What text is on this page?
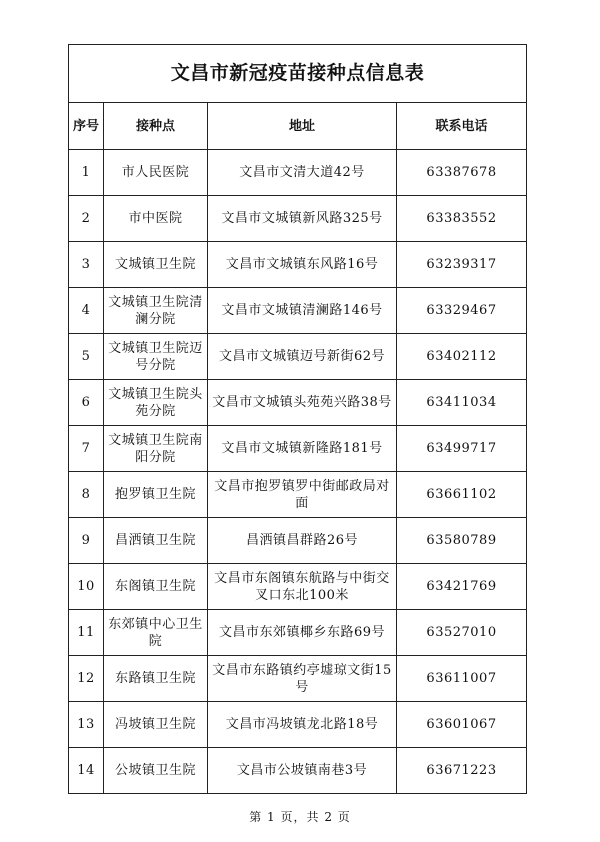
文昌市新冠疫苗接种点信息表			
序号	接种点	地址	联系电话
1	市人民医院	文昌市文清大道42号	63387678
2	市中医院	文昌市文城镇新风路325号	63383552
3	文城镇卫生院	文昌市文城镇东风路16号	63239317
4	文城镇卫生院清澜分院	文昌市文城镇清澜路146号	63329467
5	文城镇卫生院迈号分院	文昌市文城镇迈号新街62号	63402112
6	文城镇卫生院头苑分院	文昌市文城镇头苑苑兴路38号	63411034
7	文城镇卫生院南阳分院	文昌市文城镇新隆路181号	63499717
8	抱罗镇卫生院	文昌市抱罗镇罗中街邮政局对面	63661102
9	昌洒镇卫生院	昌洒镇昌群路26号	63580789
10	东阁镇卫生院	文昌市东阁镇东航路与中街交叉口东北100米	63421769
11	东郊镇中心卫生院	文昌市东郊镇椰乡东路69号	63527010
12	东路镇卫生院	文昌市东路镇约亭墟琼文街15号	63611007
13	冯坡镇卫生院	文昌市冯坡镇龙北路18号	63601067
14	公坡镇卫生院	文昌市公坡镇南巷3号	63671223
第 1 页，共 2 页
